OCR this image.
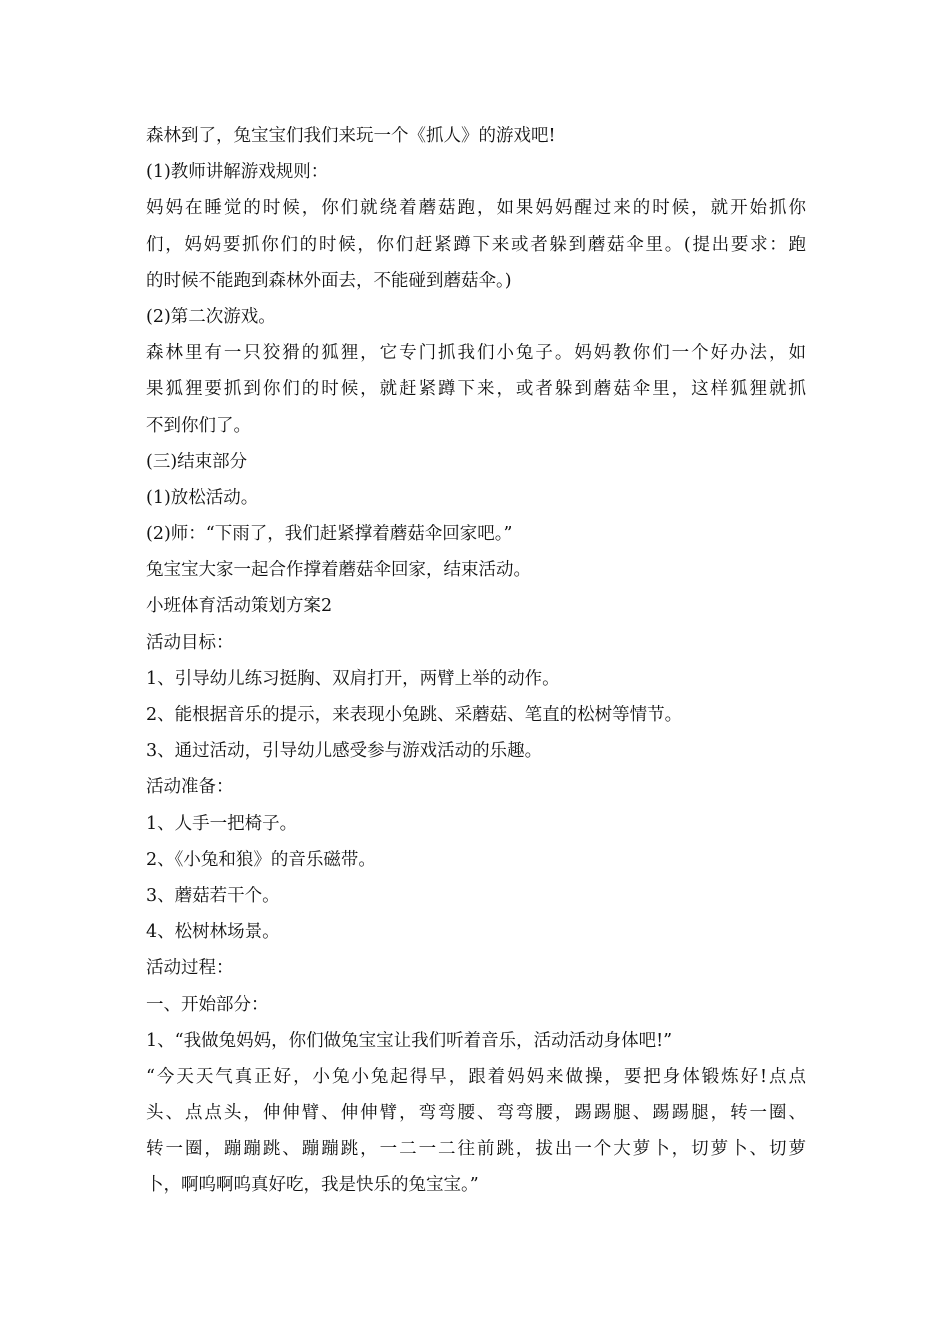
森林到了，兔宝宝们我们来玩一个《抓人》的游戏吧!
(1)教师讲解游戏规则：
妈妈在睡觉的时候，你们就绕着蘑菇跑，如果妈妈醒过来的时候，就开始抓你
们，妈妈要抓你们的时候，你们赶紧蹲下来或者躲到蘑菇伞里。(提出要求：跑
的时候不能跑到森林外面去，不能碰到蘑菇伞。)
(2)第二次游戏。
森林里有一只狡猾的狐狸，它专门抓我们小兔子。妈妈教你们一个好办法，如
果狐狸要抓到你们的时候，就赶紧蹲下来，或者躲到蘑菇伞里，这样狐狸就抓
不到你们了。
(三)结束部分
(1)放松活动。
(2)师：“下雨了，我们赶紧撑着蘑菇伞回家吧。”
兔宝宝大家一起合作撑着蘑菇伞回家，结束活动。
小班体育活动策划方案2
活动目标：
1、引导幼儿练习挺胸、双肩打开，两臂上举的动作。
2、能根据音乐的提示，来表现小兔跳、采蘑菇、笔直的松树等情节。
3、通过活动，引导幼儿感受参与游戏活动的乐趣。
活动准备：
1、人手一把椅子。
2、《小兔和狼》的音乐磁带。
3、蘑菇若干个。
4、松树林场景。
活动过程：
一、开始部分：
1、“我做兔妈妈，你们做兔宝宝让我们听着音乐，活动活动身体吧!”
“今天天气真正好，小兔小兔起得早，跟着妈妈来做操，要把身体锻炼好!点点
头、点点头，伸伸臂、伸伸臂，弯弯腰、弯弯腰，踢踢腿、踢踢腿，转一圈、
转一圈，蹦蹦跳、蹦蹦跳，一二一二往前跳，拔出一个大萝卜，切萝卜、切萝
卜，啊呜啊呜真好吃，我是快乐的兔宝宝。”
